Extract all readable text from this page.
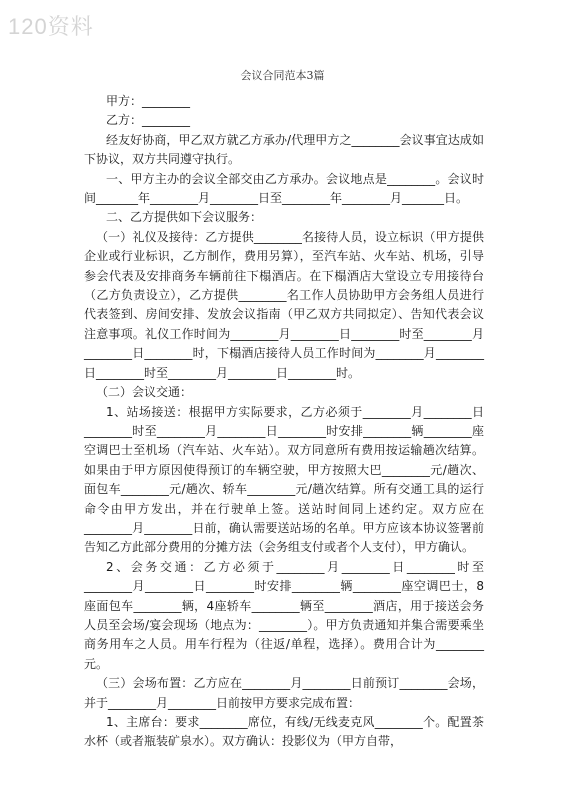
120资料
会议合同范本3篇

甲方：________

乙方：________

经友好协商，甲乙双方就乙方承办/代理甲方之________会议事宜达成如下协议，双方共同遵守执行。

一、甲方主办的会议全部交由乙方承办。会议地点是________。会议时间_______年________月________日至________年________月_______日。

二、乙方提供如下会议服务：

（一）礼仪及接待：乙方提供________名接待人员，设立标识（甲方提供企业或行业标识，乙方制作，费用另算），至汽车站、火车站、机场，引导参会代表及安排商务车辆前往下榻酒店。在下榻酒店大堂设立专用接待台（乙方负责设立），乙方提供________名工作人员协助甲方会务组人员进行代表签到、房间安排、发放会议指南（甲乙双方共同拟定）、告知代表会议注意事项。礼仪工作时间为________月________日________时至________月________日________时，下榻酒店接待人员工作时间为________月________日________时至________月________日________时。

（二）会议交通：

1、站场接送：根据甲方实际要求，乙方必须于________月________日________时至________月________日________时安排________辆________座空调巴士至机场（汽车站、火车站）。双方同意所有费用按运输趟次结算。如果由于甲方原因使得预订的车辆空驶，甲方按照大巴________元/趟次、面包车________元/趟次、轿车________元/趟次结算。所有交通工具的运行命令由甲方发出，并在行驶单上签。送站时间同上述约定。双方应在________月________日前，确认需要送站场的名单。甲方应该本协议签署前告知乙方此部分费用的分摊方法（会务组支付或者个人支付），甲方确认。

2、会务交通：乙方必须于________月________日________时至________月________日________时安排________辆________座空调巴士，8座面包车________辆，4座轿车________辆至________酒店，用于接送会务人员至会场/宴会现场（地点为：________）。甲方负责通知并集合需要乘坐商务用车之人员。用车行程为（往返/单程，选择）。费用合计为________元。

（三）会场布置：乙方应在________月________日前预订________会场，并于________月________日前按甲方要求完成布置：

1、主席台：要求________席位，有线/无线麦克风________个。配置茶水杯（或者瓶装矿泉水）。双方确认：投影仪为（甲方自带，
